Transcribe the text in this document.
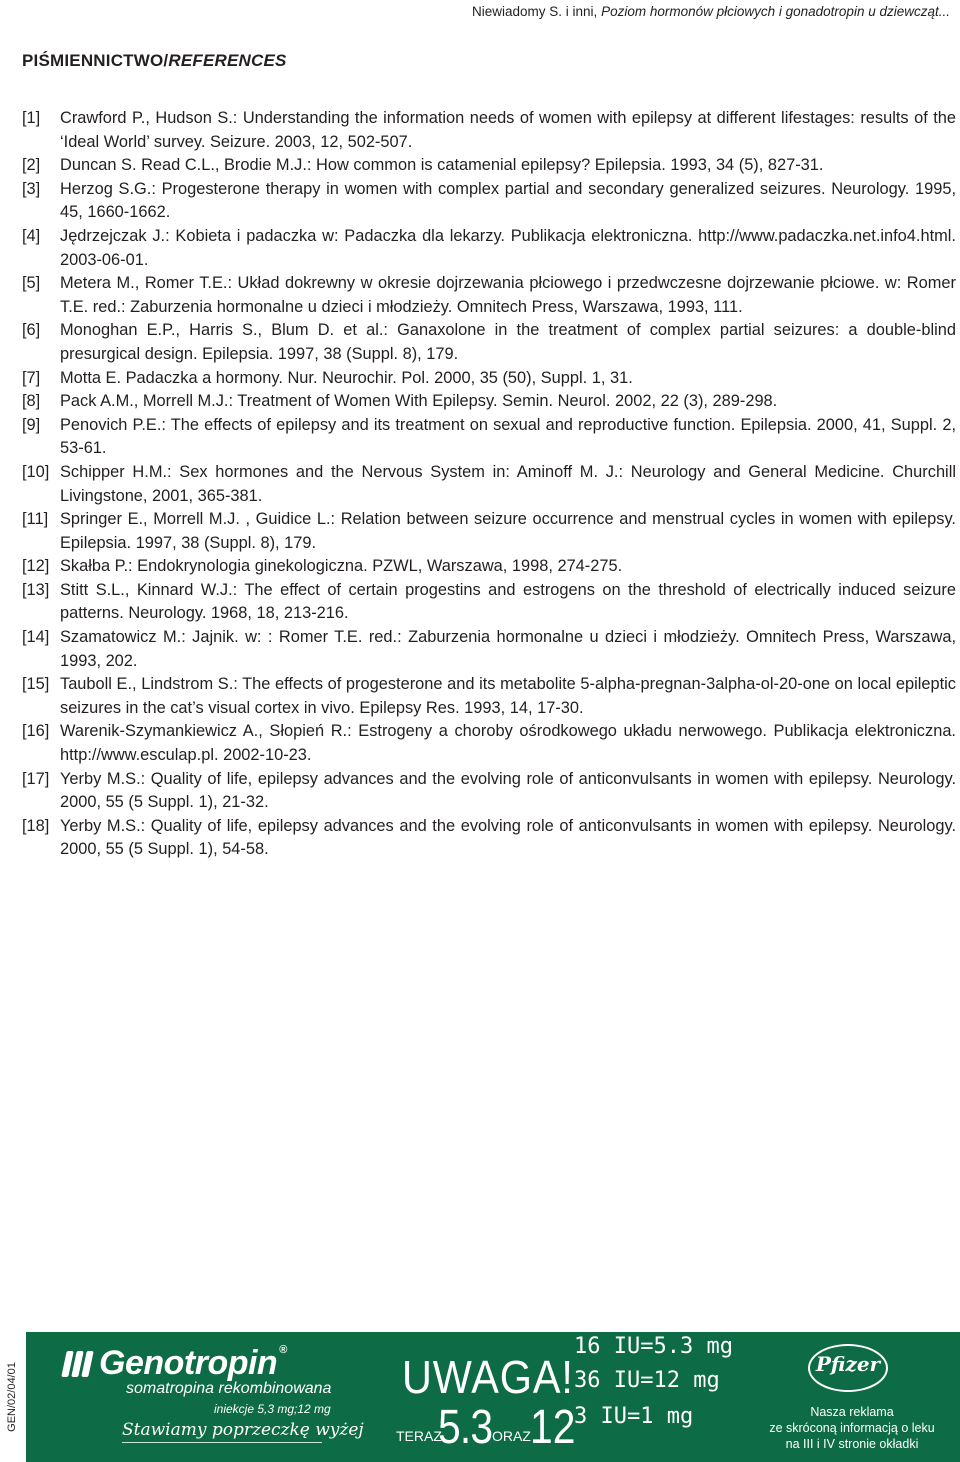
Niewiadomy S. i inni, Poziom hormonów płciowych i gonadotropin u dziewcząt...
PIŚMIENNICTWO/REFERENCES
[1] Crawford P., Hudson S.: Understanding the information needs of women with epilepsy at different lifestages: results of the ‘Ideal World’ survey. Seizure. 2003, 12, 502-507.
[2] Duncan S. Read C.L., Brodie M.J.: How common is catamenial epilepsy? Epilepsia. 1993, 34 (5), 827-31.
[3] Herzog S.G.: Progesterone therapy in women with complex partial and secondary generalized seizures. Neurology. 1995, 45, 1660-1662.
[4] Jędrzejczak J.: Kobieta i padaczka w: Padaczka dla lekarzy. Publikacja elektroniczna. http://www.padaczka.net.info4.html. 2003-06-01.
[5] Metera M., Romer T.E.: Układ dokrewny w okresie dojrzewania płciowego i przedwczesne dojrzewanie płciowe. w: Romer T.E. red.: Zaburzenia hormonalne u dzieci i młodzieży. Omnitech Press, Warszawa, 1993, 111.
[6] Monoghan E.P., Harris S., Blum D. et al.: Ganaxolone in the treatment of complex partial seizures: a double-blind presurgical design. Epilepsia. 1997, 38 (Suppl. 8), 179.
[7] Motta E. Padaczka a hormony. Nur. Neurochir. Pol. 2000, 35 (50), Suppl. 1, 31.
[8] Pack A.M., Morrell M.J.: Treatment of Women With Epilepsy. Semin. Neurol. 2002, 22 (3), 289-298.
[9] Penovich P.E.: The effects of epilepsy and its treatment on sexual and reproductive function. Epilepsia. 2000, 41, Suppl. 2, 53-61.
[10] Schipper H.M.: Sex hormones and the Nervous System in: Aminoff M. J.: Neurology and General Medicine. Churchill Livingstone, 2001, 365-381.
[11] Springer E., Morrell M.J. , Guidice L.: Relation between seizure occurrence and menstrual cycles in women with epilepsy. Epilepsia. 1997, 38 (Suppl. 8), 179.
[12] Skałba P.: Endokrynologia ginekologiczna. PZWL, Warszawa, 1998, 274-275.
[13] Stitt S.L., Kinnard W.J.: The effect of certain progestins and estrogens on the threshold of electrically induced seizure patterns. Neurology. 1968, 18, 213-216.
[14] Szamatowicz M.: Jajnik. w: : Romer T.E. red.: Zaburzenia hormonalne u dzieci i młodzieży. Omnitech Press, Warszawa, 1993, 202.
[15] Tauboll E., Lindstrom S.: The effects of progesterone and its metabolite 5-alpha-pregnan-3alpha-ol-20-one on local epileptic seizures in the cat’s visual cortex in vivo. Epilepsy Res. 1993, 14, 17-30.
[16] Warenik-Szymankiewicz A., Słopień R.: Estrogeny a choroby ośrodkowego układu nerwowego. Publikacja elektroniczna. http://www.esculap.pl. 2002-10-23.
[17] Yerby M.S.: Quality of life, epilepsy advances and the evolving role of anticonvulsants in women with epilepsy. Neurology. 2000, 55 (5 Suppl. 1), 21-32.
[18] Yerby M.S.: Quality of life, epilepsy advances and the evolving role of anticonvulsants in women with epilepsy. Neurology. 2000, 55 (5 Suppl. 1), 54-58.
GEN/02/04/01 Genotropin ®
somatropina rekombinowana
iniekcje 5,3 mg;12 mg
Stawiamy poprzeczkę wyżej
UWAGA!
TERAZ
5.3 ORAZ 12
16 IU=5.3 mg
36 IU=12 mg
3 IU=1 mg
Pfizer
Nasza reklama
ze skróconą informacją o leku
na III i IV stronie okładki
